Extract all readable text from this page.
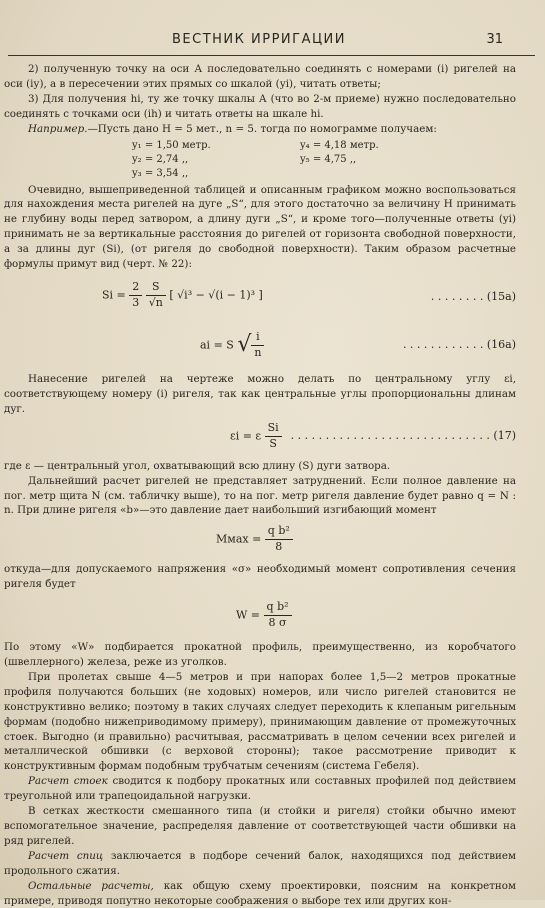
ВЕСТНИК ИРРИГАЦИИ	31

2) полученную точку на оси А последовательно соединять с номерами (i) ригелей на оси (iу), а в пересечении этих прямых со шкалой (уi), читать ответы;

3) Для получения hi, ту же точку шкалы А (что во 2-м приеме) нужно последовательно соединять с точками оси (ih) и читать ответы на шкале hi.

Например.—Пусть дано Н = 5 мет., n = 5. тогда по номограмме получаем:

y₁ = 1,50 метр.
y₂ = 2,74 ,,
y₃ = 3,54 ,,
y₄ = 4,18 метр.
y₅ = 4,75 ,,

Очевидно, вышеприведенной таблицей и описанным графиком можно воспользоваться для нахождения места ригелей на дуге „S“, для этого достаточно за величину Н принимать не глубину воды перед затвором, а длину дуги „S“, и кроме того—полученные ответы (yi) принимать не за вертикальные расстояния до ригелей от горизонта свободной поверхности, а за длины дуг (Si), (от ригеля до свободной поверхности). Таким образом расчетные формулы примут вид (черт. № 22):

$Si = \frac{2}{3}$
$\frac{S}{√n}$ [ √i³ − √(i − 1)³ ]	. . . . . . . . (15a)
ai = S √ $\frac{i}{n}$	. . . . . . . . . . . . (16a)

Нанесение ригелей на чертеже можно делать по центральному углу εi, соответствующему номеру (i) ригеля, так как центральные углы пропорциональны длинам дуг.

εi = ε $\frac{Si}{S}$ . . . . . . . . . . . . . . . . . . . . . . . . . . . . . (17)

где ε — центральный угол, охватывающий всю длину (S) дуги затвора.

Дальнейший расчет ригелей не представляет затруднений. Если полное давление на пог. метр щита N (см. табличку выше), то на пог. метр ригеля давление будет равно q = N : n. При длине ригеля «b»—это давление дает наибольший изгибающий момент

Mмах = $\frac{\text{q b²}}{8}$

откуда—для допускаемого напряжения «σ» необходимый момент сопротивления сечения ригеля будет

$W = \frac{\text{q b²}}{8 \sigma}$

По этому «W» подбирается прокатной профиль, преимущественно, из коробчатого (швеллерного) железа, реже из уголков.

При пролетах свыше 4—5 метров и при напорах более 1,5—2 метров прокатные профиля получаются больших (не ходовых) номеров, или число ригелей становится не конструктивно велико; поэтому в таких случаях следует переходить к клепаным ригельным формам (подобно нижеприводимому примеру), принимающим давление от промежуточных стоек. Выгодно (и правильно) расчитывая, рассматривать в целом сечении всех ригелей и металлической обшивки (с верховой стороны); такое рассмотрение приводит к конструктивным формам подобным трубчатым сечениям (система Гебеля).

Расчет стоек сводится к подбору прокатных или составных профилей под действием треугольной или трапецоидальной нагрузки.

В сетках жесткости смешанного типа (и стойки и ригеля) стойки обычно имеют вспомогательное значение, распределяя давление от соответствующей части обшивки на ряд ригелей.

Расчет спиц заключается в подборе сечений балок, находящихся под действием продольного сжатия.

Остальные расчеты, как общую схему проектировки, поясним на конкретном примере, приводя попутно некоторые соображения о выборе тех или других кон-
